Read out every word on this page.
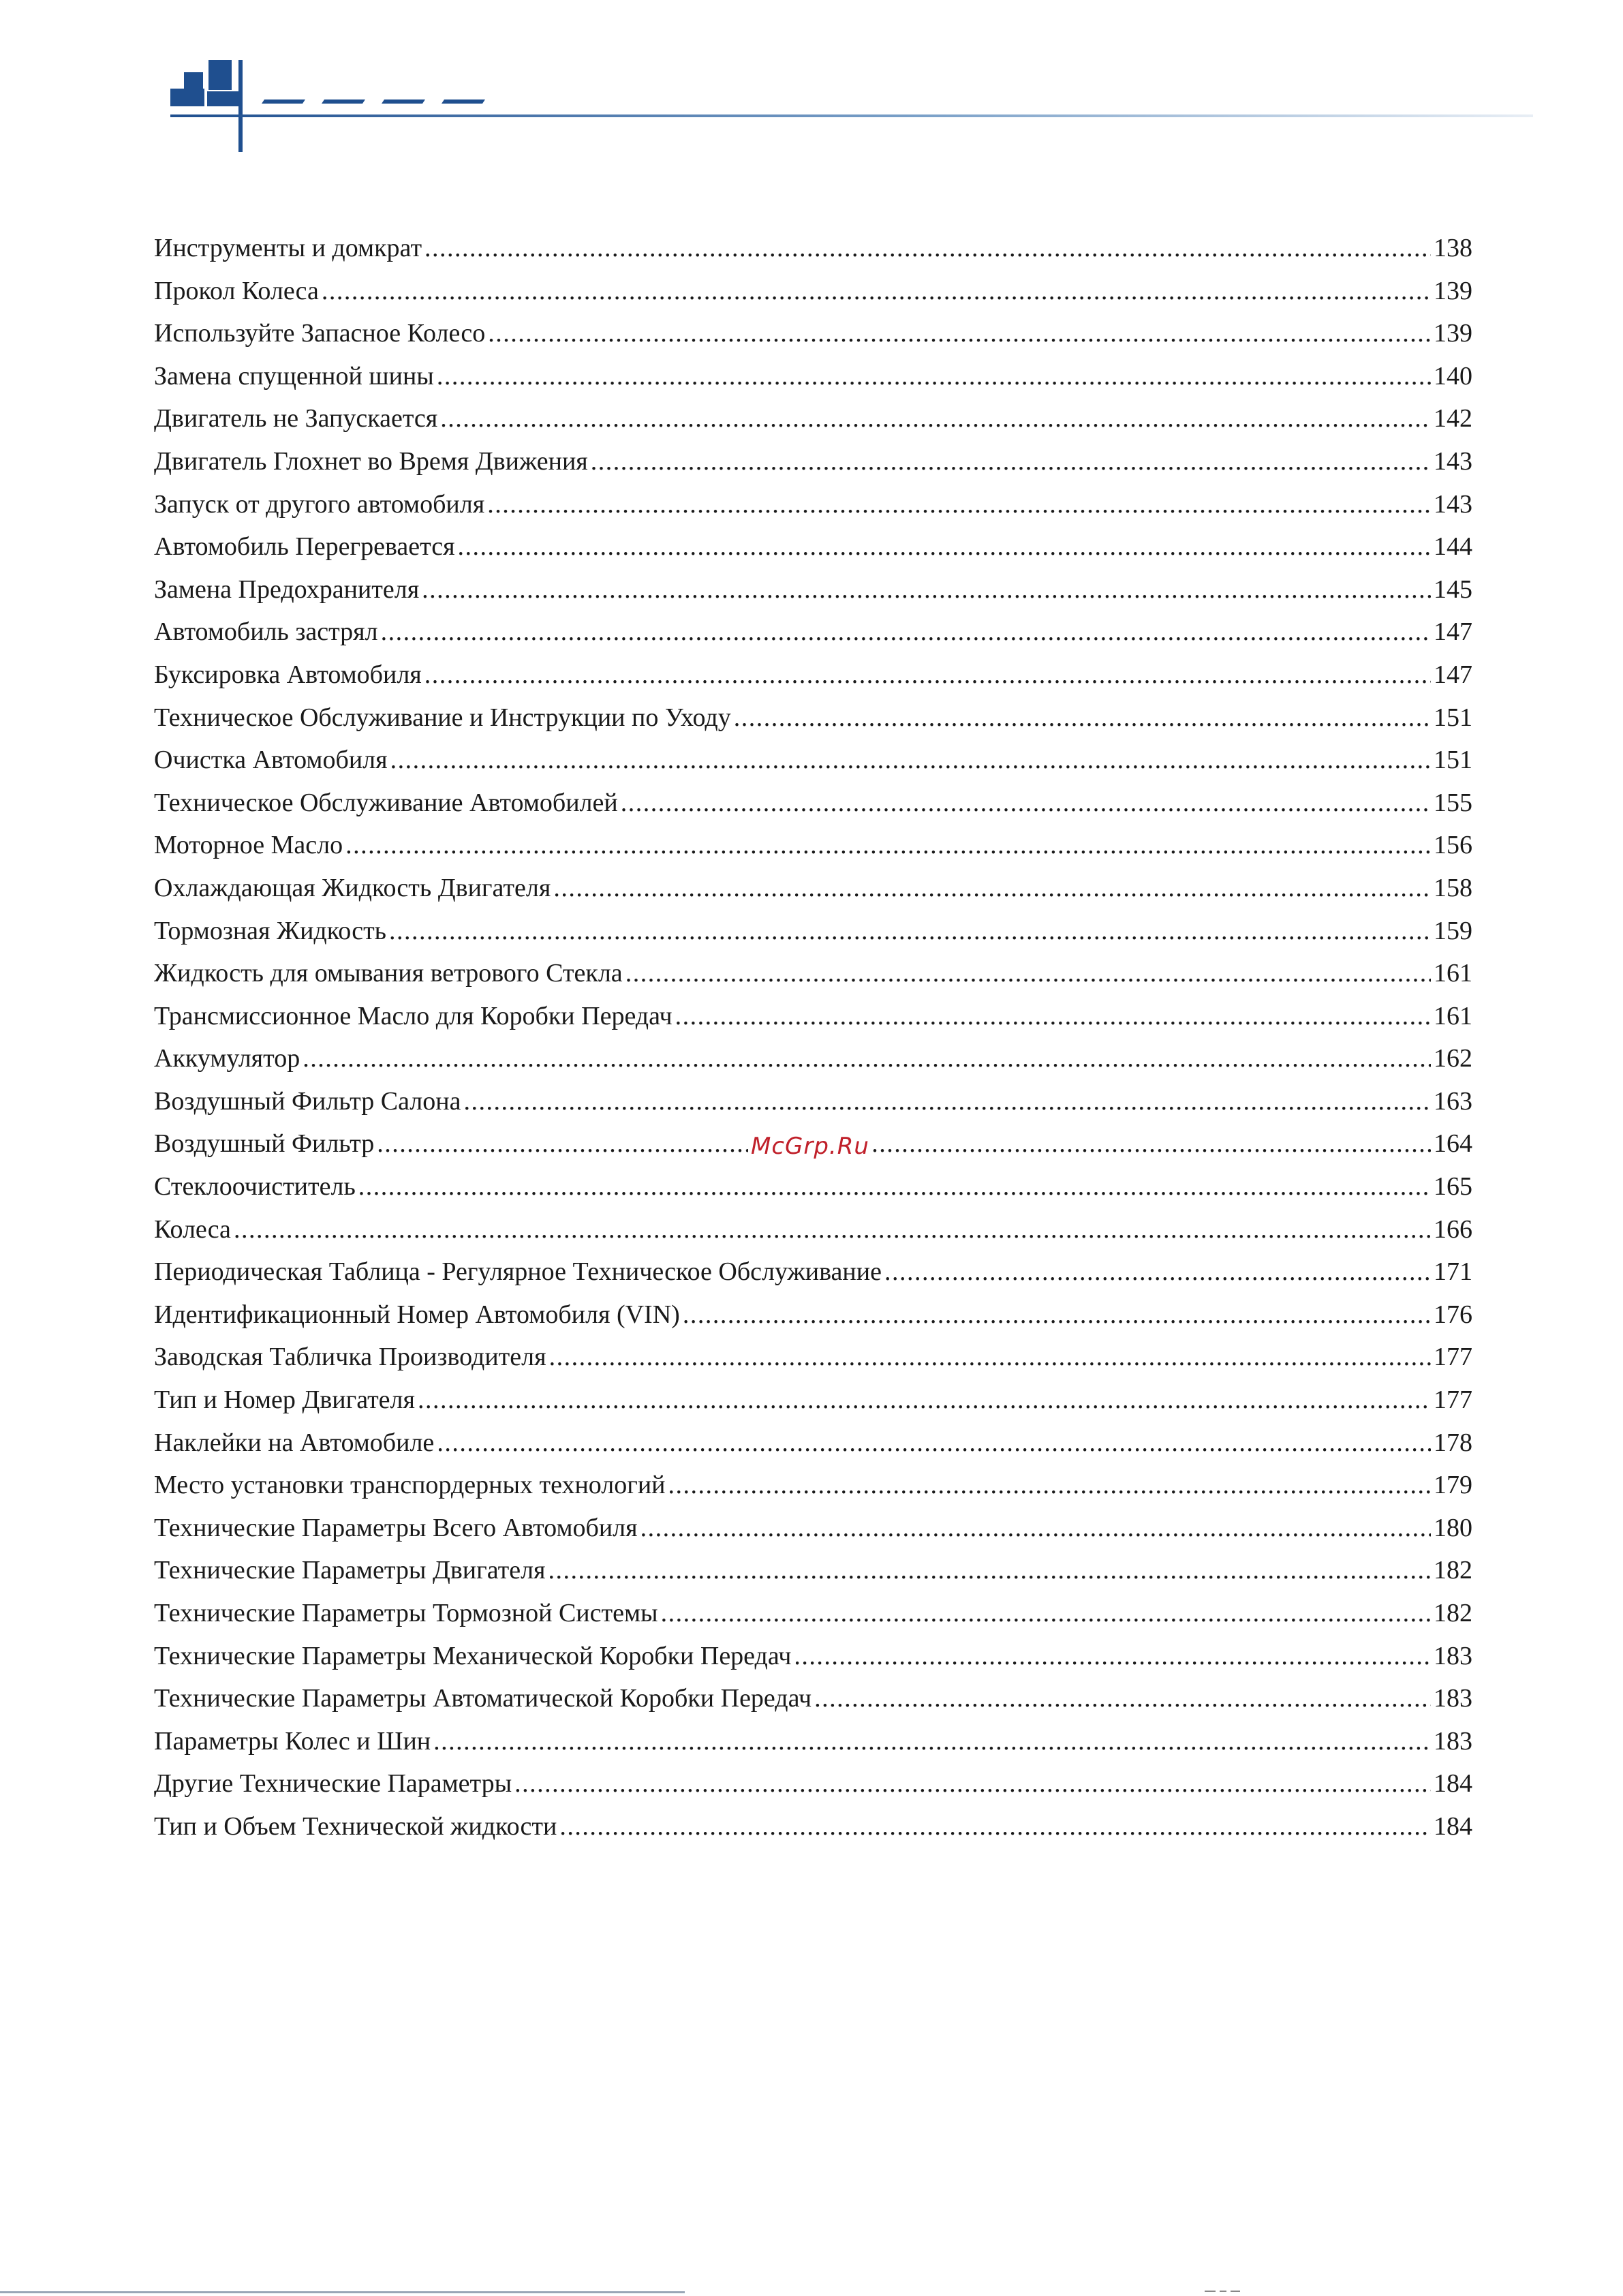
Инструменты и домкрат .....	138
Прокол Колеса .....	139
Используйте Запасное Колесо .....	139
Замена спущенной шины .....	140
Двигатель не Запускается .....	142
Двигатель Глохнет во Время Движения .....	143
Запуск от другого автомобиля .....	143
Автомобиль Перегревается .....	144
Замена Предохранителя .....	145
Автомобиль застрял .....	147
Буксировка Автомобиля .....	147
Техническое Обслуживание и Инструкции по Уходу .....	151
Очистка Автомобиля .....	151
Техническое Обслуживание Автомобилей .....	155
Моторное Масло .....	156
Охлаждающая Жидкость Двигателя .....	158
Тормозная Жидкость .....	159
Жидкость для омывания ветрового Стекла .....	161
Трансмиссионное Масло для Коробки Передач .....	161
Аккумулятор .....	162
Воздушный Фильтр Салона .....	163
Воздушный Фильтр .....	164
Стеклоочиститель .....	165
Колеса .....	166
Периодическая Таблица - Регулярное Техническое Обслуживание .....	171
Идентификационный Номер Автомобиля (VIN) .....	176
Заводская Табличка Производителя .....	177
Тип и Номер Двигателя .....	177
Наклейки на Автомобиле .....	178
Место установки транспордерных технологий .....	179
Технические Параметры Всего Автомобиля .....	180
Технические Параметры Двигателя .....	182
Технические Параметры Тормозной Системы .....	182
Технические Параметры Механической Коробки Передач .....	183
Технические Параметры Автоматической Коробки Передач .....	183
Параметры Колес и Шин .....	183
Другие Технические Параметры .....	184
Тип и Объем Технической жидкости .....	184
McGrp.Ru
